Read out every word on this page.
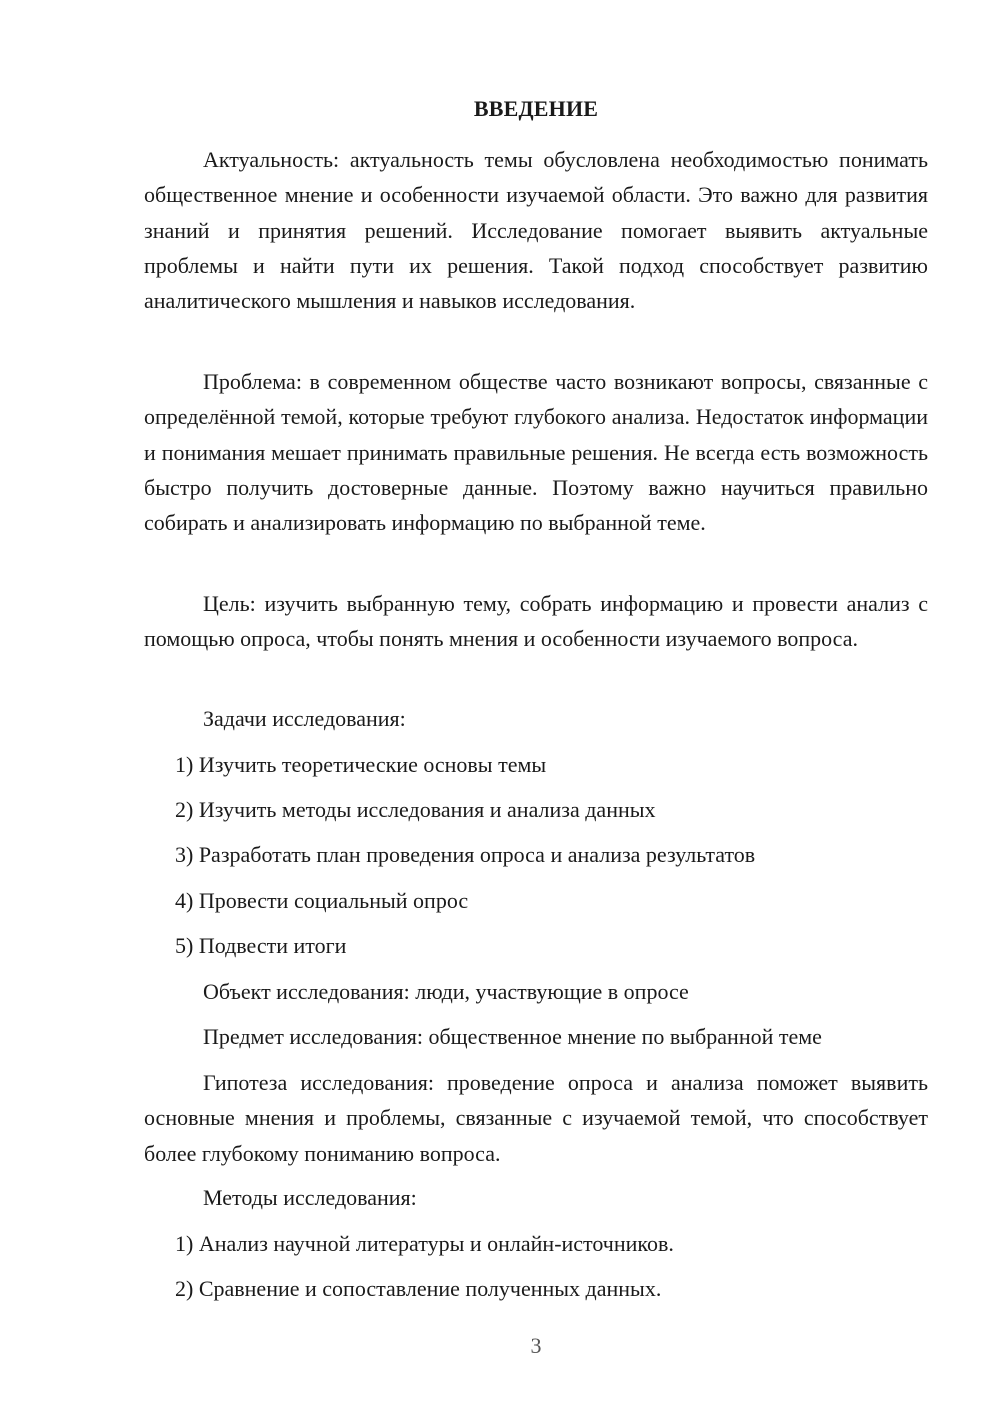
ВВЕДЕНИЕ

Актуальность: актуальность темы обусловлена необходимостью понимать общественное мнение и особенности изучаемой области. Это важно для развития знаний и принятия решений. Исследование помогает выявить актуальные проблемы и найти пути их решения. Такой подход способствует развитию аналитического мышления и навыков исследования.

Проблема: в современном обществе часто возникают вопросы, связанные с определённой темой, которые требуют глубокого анализа. Недостаток информации и понимания мешает принимать правильные решения. Не всегда есть возможность быстро получить достоверные данные. Поэтому важно научиться правильно собирать и анализировать информацию по выбранной теме.

Цель: изучить выбранную тему, собрать информацию и провести анализ с помощью опроса, чтобы понять мнения и особенности изучаемого вопроса.

Задачи исследования:

1) Изучить теоретические основы темы

2) Изучить методы исследования и анализа данных

3) Разработать план проведения опроса и анализа результатов

4) Провести социальный опрос

5) Подвести итоги

Объект исследования: люди, участвующие в опросе

Предмет исследования: общественное мнение по выбранной теме

Гипотеза исследования: проведение опроса и анализа поможет выявить основные мнения и проблемы, связанные с изучаемой темой, что способствует более глубокому пониманию вопроса.

Методы исследования:

1) Анализ научной литературы и онлайн-источников.

2) Сравнение и сопоставление полученных данных.

3
